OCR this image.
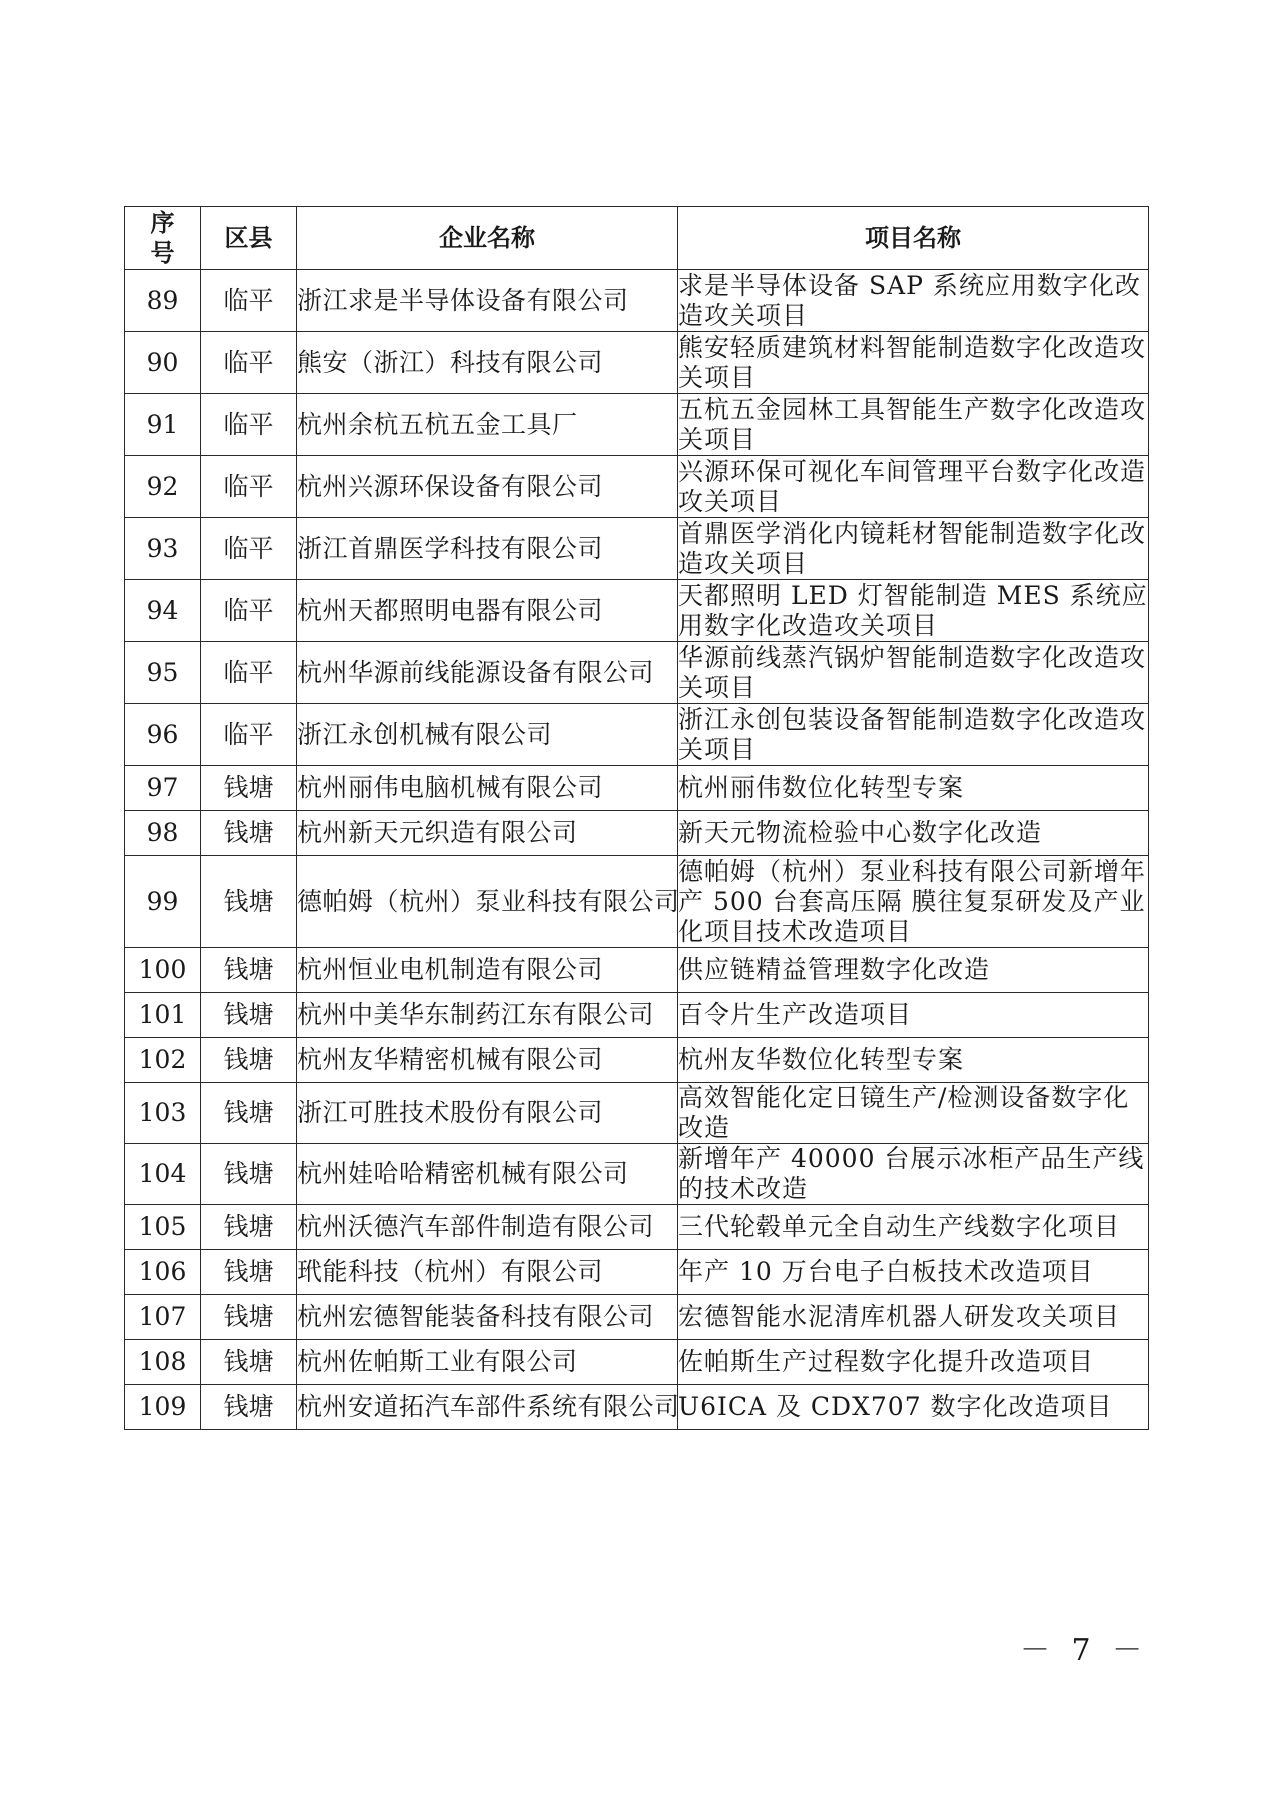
序
号	区县	企业名称	项目名称
89	临平	浙江求是半导体设备有限公司	求是半导体设备 SAP 系统应用数字化改造攻关项目
90	临平	熊安（浙江）科技有限公司	熊安轻质建筑材料智能制造数字化改造攻关项目
91	临平	杭州余杭五杭五金工具厂	五杭五金园林工具智能生产数字化改造攻关项目
92	临平	杭州兴源环保设备有限公司	兴源环保可视化车间管理平台数字化改造攻关项目
93	临平	浙江首鼎医学科技有限公司	首鼎医学消化内镜耗材智能制造数字化改造攻关项目
94	临平	杭州天都照明电器有限公司	天都照明 LED 灯智能制造 MES 系统应用数字化改造攻关项目
95	临平	杭州华源前线能源设备有限公司	华源前线蒸汽锅炉智能制造数字化改造攻关项目
96	临平	浙江永创机械有限公司	浙江永创包装设备智能制造数字化改造攻关项目
97	钱塘	杭州丽伟电脑机械有限公司	杭州丽伟数位化转型专案
98	钱塘	杭州新天元织造有限公司	新天元物流检验中心数字化改造
99	钱塘	德帕姆（杭州）泵业科技有限公司	德帕姆（杭州）泵业科技有限公司新增年产 500 台套高压隔 膜往复泵研发及产业化项目技术改造项目
100	钱塘	杭州恒业电机制造有限公司	供应链精益管理数字化改造
101	钱塘	杭州中美华东制药江东有限公司	百令片生产改造项目
102	钱塘	杭州友华精密机械有限公司	杭州友华数位化转型专案
103	钱塘	浙江可胜技术股份有限公司	高效智能化定日镜生产/检测设备数字化改造
104	钱塘	杭州娃哈哈精密机械有限公司	新增年产 40000 台展示冰柜产品生产线的技术改造
105	钱塘	杭州沃德汽车部件制造有限公司	三代轮毂单元全自动生产线数字化项目
106	钱塘	玳能科技（杭州）有限公司	年产 10 万台电子白板技术改造项目
107	钱塘	杭州宏德智能装备科技有限公司	宏德智能水泥清库机器人研发攻关项目
108	钱塘	杭州佐帕斯工业有限公司	佐帕斯生产过程数字化提升改造项目
109	钱塘	杭州安道拓汽车部件系统有限公司	U6ICA 及 CDX707 数字化改造项目
－ 7 －
